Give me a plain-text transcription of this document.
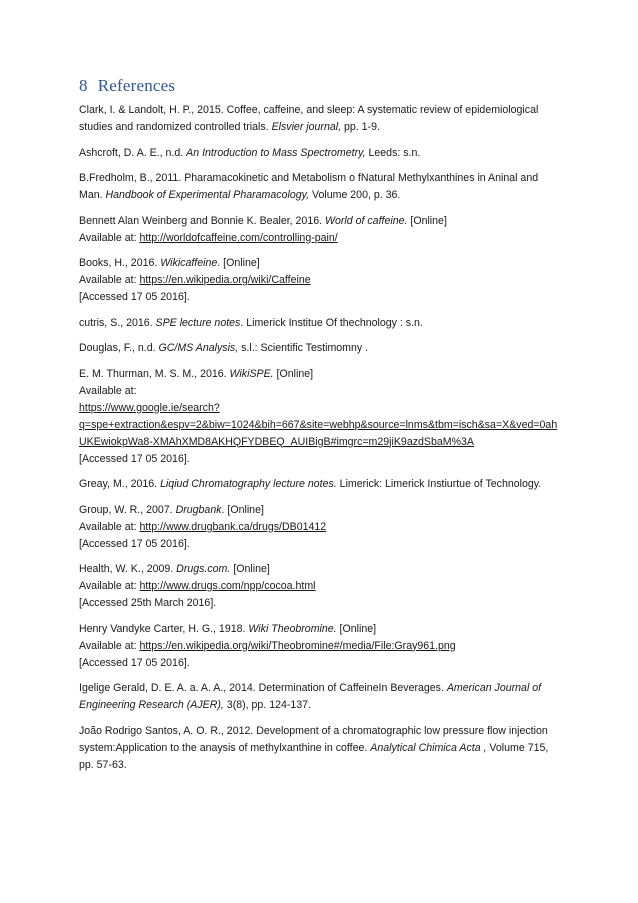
8 References
Clark, I. & Landolt, H. P., 2015. Coffee, caffeine, and sleep: A systematic review of epidemiological studies and randomized controlled trials. Elsvier journal, pp. 1-9.
Ashcroft, D. A. E., n.d. An Introduction to Mass Spectrometry, Leeds: s.n.
B.Fredholm, B., 2011. Pharamacokinetic and Metabolism o fNatural Methylxanthines in Aninal and Man. Handbook of Experimental Pharamacology, Volume 200, p. 36.
Bennett Alan Weinberg and Bonnie K. Bealer, 2016. World of caffeine. [Online]
Available at: http://worldofcaffeine.com/controlling-pain/
Books, H., 2016. Wikicaffeine. [Online]
Available at: https://en.wikipedia.org/wiki/Caffeine
[Accessed 17 05 2016].
cutris, S., 2016. SPE lecture notes. Limerick Institue Of thechnology : s.n.
Douglas, F., n.d. GC/MS Analysis, s.l.: Scientific Testimomny .
E. M. Thurman, M. S. M., 2016. WikiSPE. [Online]
Available at:
https://www.google.ie/search?q=spe+extraction&espv=2&biw=1024&bih=667&site=webhp&source=lnms&tbm=isch&sa=X&ved=0ahUKEwiokpWa8-XMAhXMD8AKHQFYDBEQ_AUIBigB#imgrc=m29jiK9azdSbaM%3A
[Accessed 17 05 2016].
Greay, M., 2016. Liqiud Chromatography lecture notes. Limerick: Limerick Instiurtue of Technology.
Group, W. R., 2007. Drugbank. [Online]
Available at: http://www.drugbank.ca/drugs/DB01412
[Accessed 17 05 2016].
Health, W. K., 2009. Drugs.com. [Online]
Available at: http://www.drugs.com/npp/cocoa.html
[Accessed 25th March 2016].
Henry Vandyke Carter, H. G., 1918. Wiki Theobromine. [Online]
Available at: https://en.wikipedia.org/wiki/Theobromine#/media/File:Gray961.png
[Accessed 17 05 2016].
Igelige Gerald, D. E. A. a. A. A., 2014. Determination of CaffeineIn Beverages. American Journal of Engineering Research (AJER), 3(8), pp. 124-137.
João Rodrigo Santos, A. O. R., 2012. Development of a chromatographic low pressure flow injection system:Application to the anaysis of methylxanthine in coffee. Analytical Chimica Acta , Volume 715, pp. 57-63.
